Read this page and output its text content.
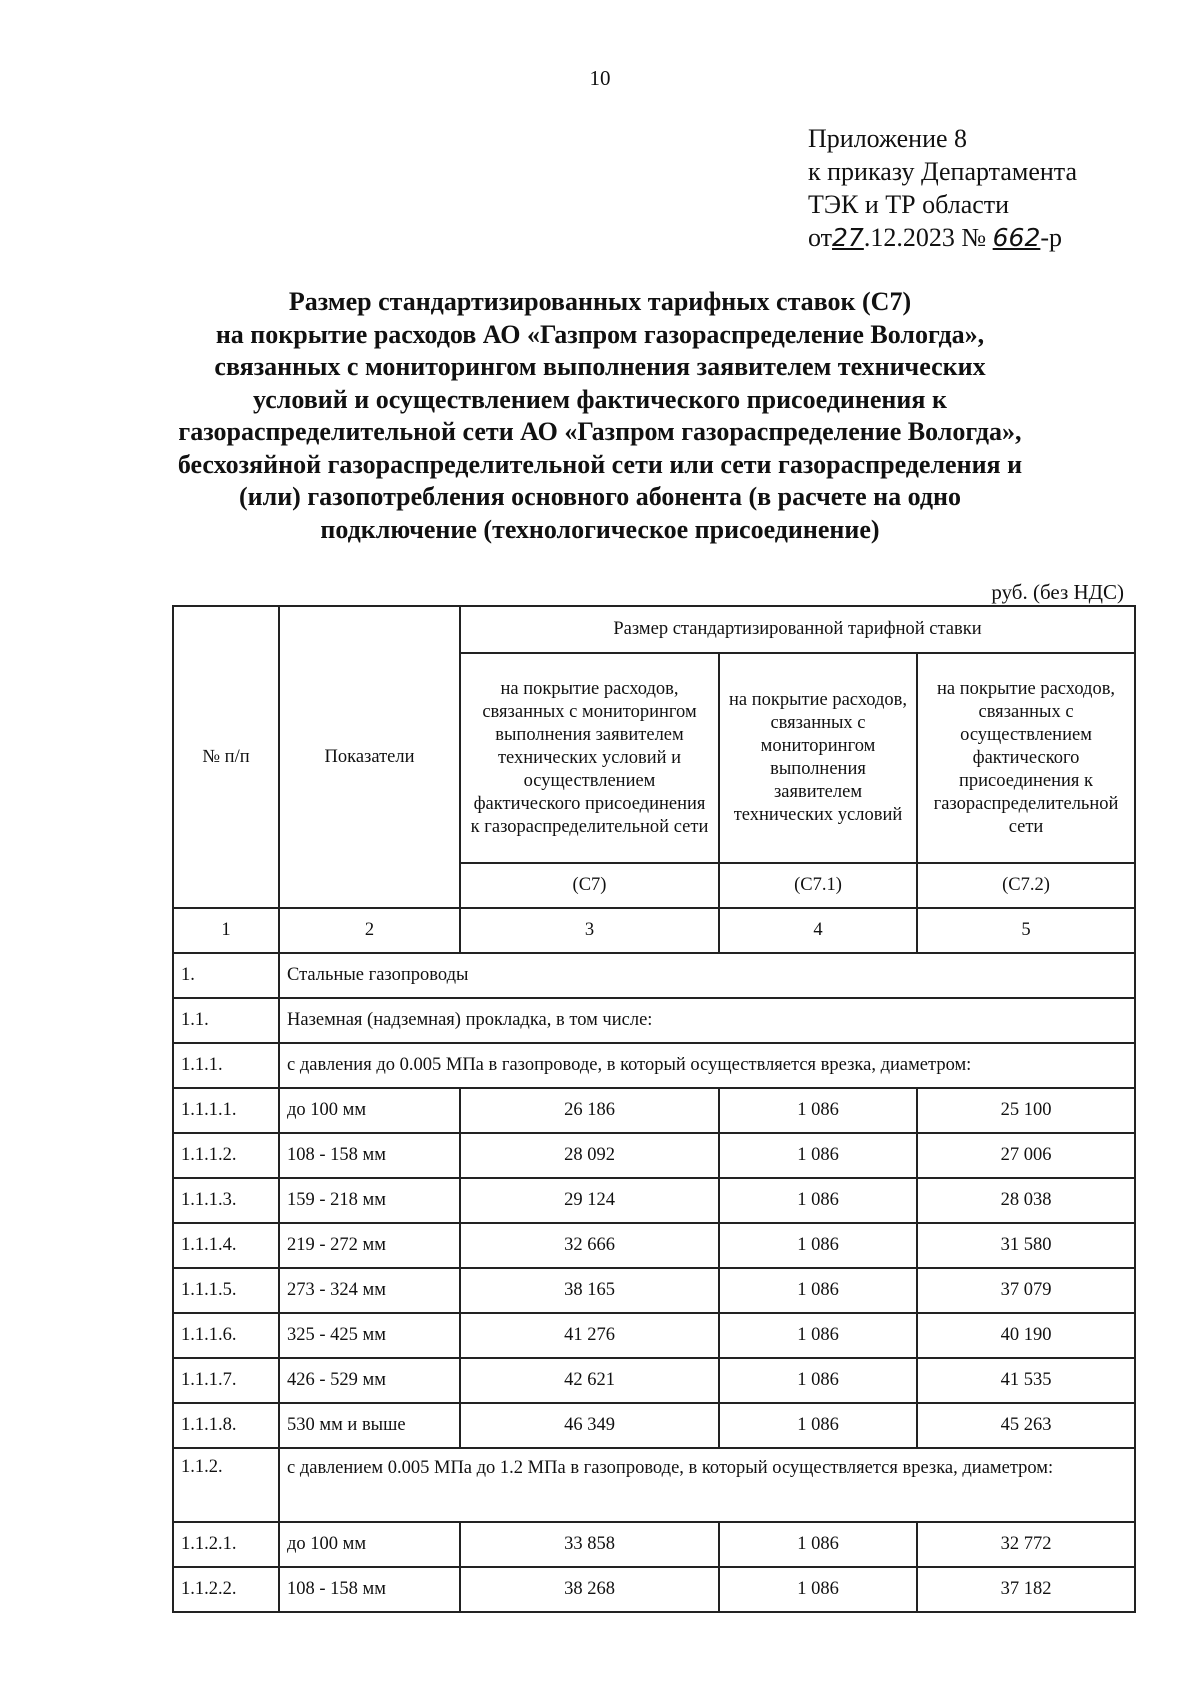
10
Приложение 8
к приказу Департамента
ТЭК и ТР области
от27.12.2023 № 662-р
Размер стандартизированных тарифных ставок (С7)
на покрытие расходов АО «Газпром газораспределение Вологда»,
связанных с мониторингом выполнения заявителем технических
условий и осуществлением фактического присоединения к
газораспределительной сети АО «Газпром газораспределение Вологда»,
бесхозяйной газораспределительной сети или сети газораспределения и
(или) газопотребления основного абонента (в расчете на одно
подключение (технологическое присоединение)
руб. (без НДС)
№ п/п	Показатели	Размер стандартизированной тарифной ставки		
		на покрытие расходов, связанных с мониторингом выполнения заявителем технических условий и осуществлением фактического присоединения к газораспределительной сети	на покрытие расходов, связанных с мониторингом выполнения заявителем технических условий	на покрытие расходов, связанных с осуществлением фактического присоединения к газораспределительной сети
		(С7)	(С7.1)	(С7.2)
1	2	3	4	5
1.	Стальные газопроводы			
1.1.	Наземная (надземная) прокладка, в том числе:			
1.1.1.	с давления до 0.005 МПа в газопроводе, в который осуществляется врезка, диаметром:			
1.1.1.1.	до 100 мм	26 186	1 086	25 100
1.1.1.2.	108 - 158 мм	28 092	1 086	27 006
1.1.1.3.	159 - 218 мм	29 124	1 086	28 038
1.1.1.4.	219 - 272 мм	32 666	1 086	31 580
1.1.1.5.	273 - 324 мм	38 165	1 086	37 079
1.1.1.6.	325 - 425 мм	41 276	1 086	40 190
1.1.1.7.	426 - 529 мм	42 621	1 086	41 535
1.1.1.8.	530 мм и выше	46 349	1 086	45 263
1.1.2.	с давлением 0.005 МПа до 1.2 МПа в газопроводе, в который осуществляется врезка, диаметром:			
1.1.2.1.	до 100 мм	33 858	1 086	32 772
1.1.2.2.	108 - 158 мм	38 268	1 086	37 182
